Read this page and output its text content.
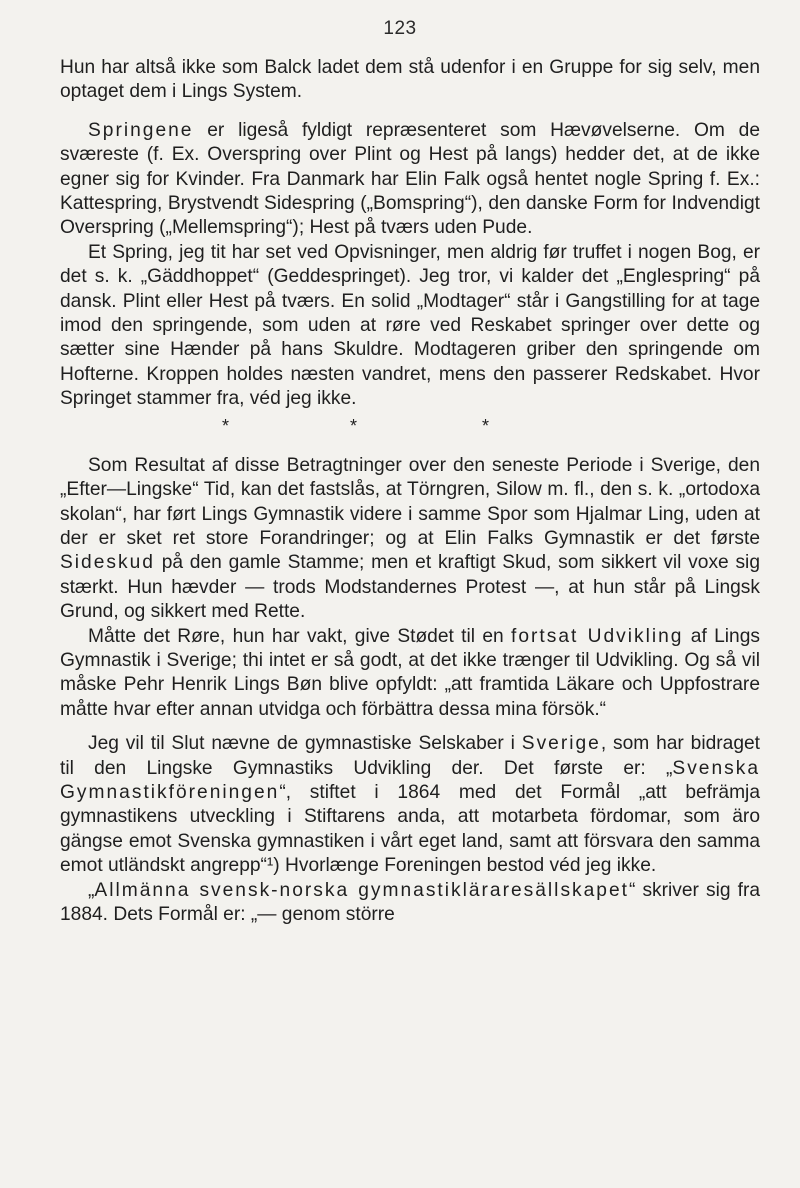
123

Hun har altså ikke som Balck ladet dem stå udenfor i en Gruppe for sig selv, men optaget dem i Lings System.

Springene er ligeså fyldigt repræsenteret som Hævøvelserne. Om de sværeste (f. Ex. Overspring over Plint og Hest på langs) hedder det, at de ikke egner sig for Kvinder. Fra Danmark har Elin Falk også hentet nogle Spring f. Ex.: Kattespring, Brystvendt Sidespring („Bomspring“), den danske Form for Indvendigt Overspring („Mellemspring“); Hest på tværs uden Pude.

Et Spring, jeg tit har set ved Opvisninger, men aldrig før truffet i nogen Bog, er det s. k. „Gäddhoppet“ (Geddespringet). Jeg tror, vi kalder det „Englespring“ på dansk. Plint eller Hest på tværs. En solid „Modtager“ står i Gangstilling for at tage imod den springende, som uden at røre ved Reskabet springer over dette og sætter sine Hænder på hans Skuldre. Modtageren griber den springende om Hofterne. Kroppen holdes næsten vandret, mens den passerer Redskabet. Hvor Springet stammer fra, véd jeg ikke.

*	*	*

Som Resultat af disse Betragtninger over den seneste Periode i Sverige, den „Efter—Lingske“ Tid, kan det fastslås, at Törngren, Silow m. fl., den s. k. „ortodoxa skolan“, har ført Lings Gymnastik videre i samme Spor som Hjalmar Ling, uden at der er sket ret store Forandringer; og at Elin Falks Gymnastik er det første Sideskud på den gamle Stamme; men et kraftigt Skud, som sikkert vil voxe sig stærkt. Hun hævder — trods Modstandernes Protest —, at hun står på Lingsk Grund, og sikkert med Rette.

Måtte det Røre, hun har vakt, give Stødet til en fortsat Udvikling af Lings Gymnastik i Sverige; thi intet er så godt, at det ikke trænger til Udvikling. Og så vil måske Pehr Henrik Lings Bøn blive opfyldt: „att framtida Läkare och Uppfostrare måtte hvar efter annan utvidga och förbättra dessa mina försök.“

Jeg vil til Slut nævne de gymnastiske Selskaber i Sverige, som har bidraget til den Lingske Gymnastiks Udvikling der. Det første er: „Svenska Gymnastikföreningen“, stiftet i 1864 med det Formål „att befrämja gymnastikens utveckling i Stiftarens anda, att motarbeta fördomar, som äro gängse emot Svenska gymnastiken i vårt eget land, samt att försvara den samma emot utländskt angrepp“¹) Hvorlænge Foreningen bestod véd jeg ikke.

„Allmänna svensk-norska gymnastikläraresällskapet“ skriver sig fra 1884. Dets Formål er: „— genom större
